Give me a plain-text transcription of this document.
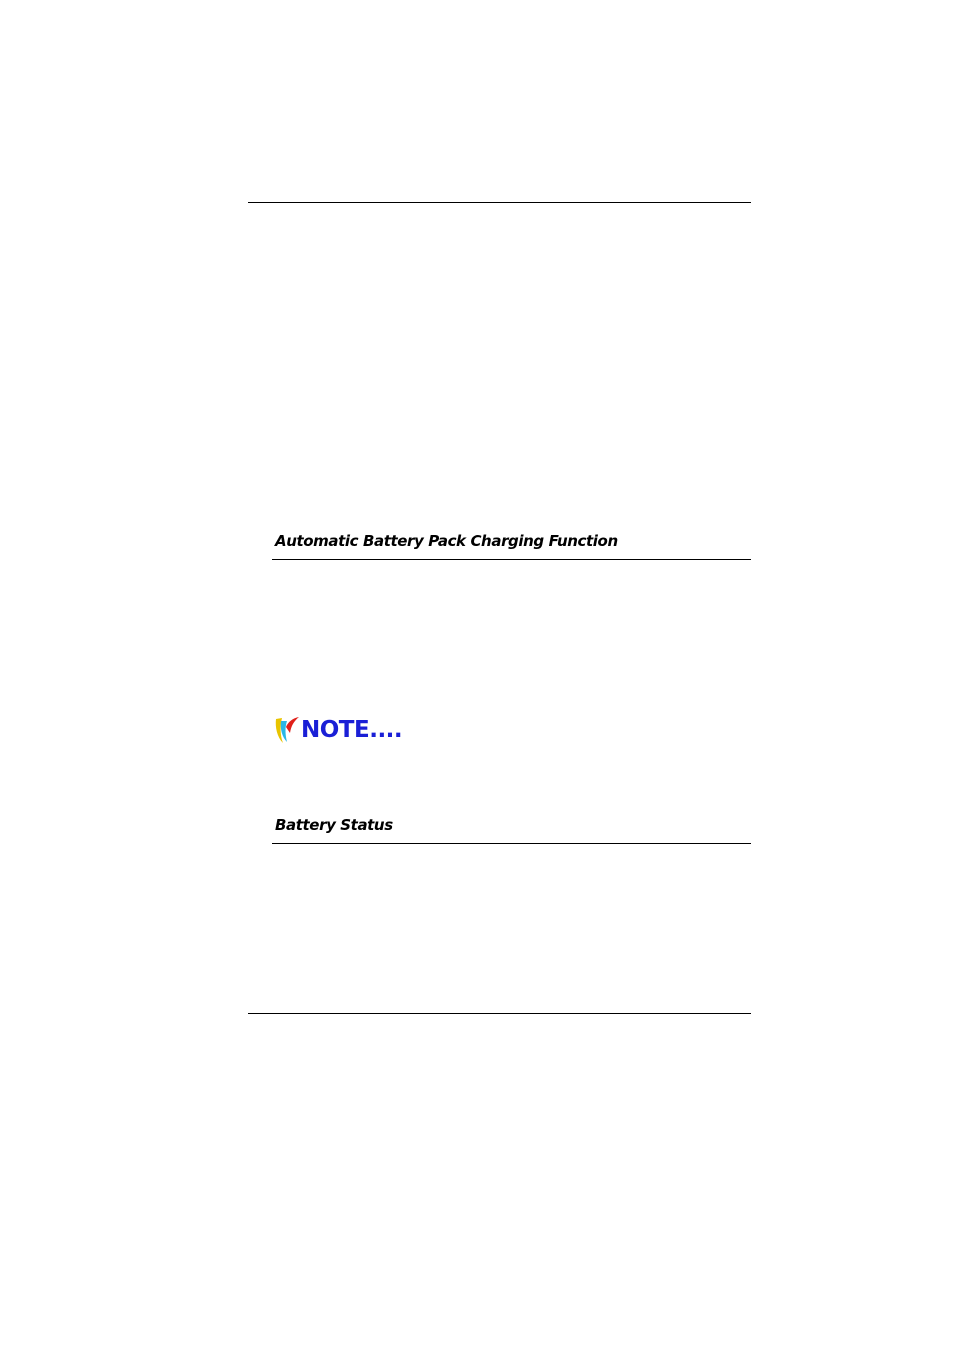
Automatic Battery Pack Charging Function
NOTE....
Battery Status
